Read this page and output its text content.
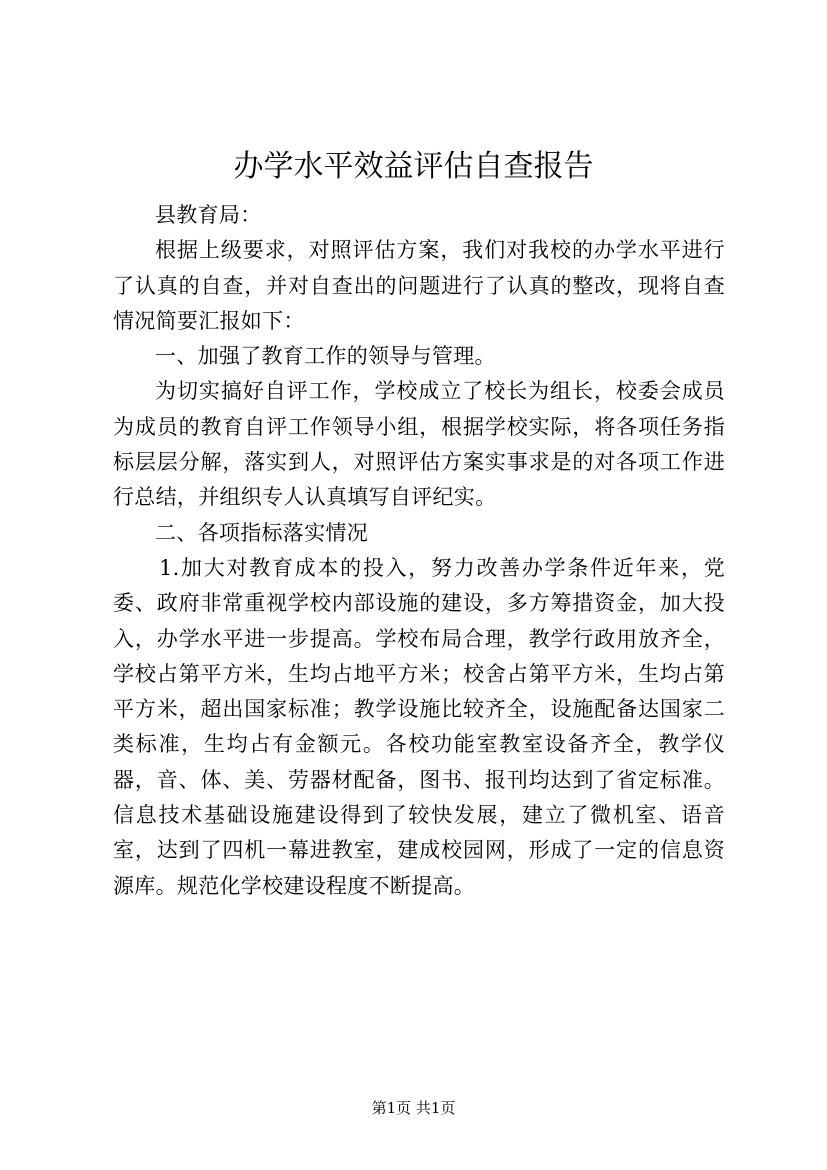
办学水平效益评估自查报告

县教育局：

根据上级要求，对照评估方案，我们对我校的办学水平进行了认真的自查，并对自查出的问题进行了认真的整改，现将自查情况简要汇报如下：

一、加强了教育工作的领导与管理。

为切实搞好自评工作，学校成立了校长为组长，校委会成员为成员的教育自评工作领导小组，根据学校实际，将各项任务指标层层分解，落实到人，对照评估方案实事求是的对各项工作进行总结，并组织专人认真填写自评纪实。

二、各项指标落实情况

1.加大对教育成本的投入，努力改善办学条件近年来，党委、政府非常重视学校内部设施的建设，多方筹措资金，加大投入，办学水平进一步提高。学校布局合理，教学行政用放齐全，学校占第平方米，生均占地平方米；校舍占第平方米，生均占第平方米，超出国家标准；教学设施比较齐全，设施配备达国家二类标准，生均占有金额元。各校功能室教室设备齐全，教学仪器，音、体、美、劳器材配备，图书、报刊均达到了省定标准。信息技术基础设施建设得到了较快发展，建立了微机室、语音室，达到了四机一幕进教室，建成校园网，形成了一定的信息资源库。规范化学校建设程度不断提高。

第1页 共1页
